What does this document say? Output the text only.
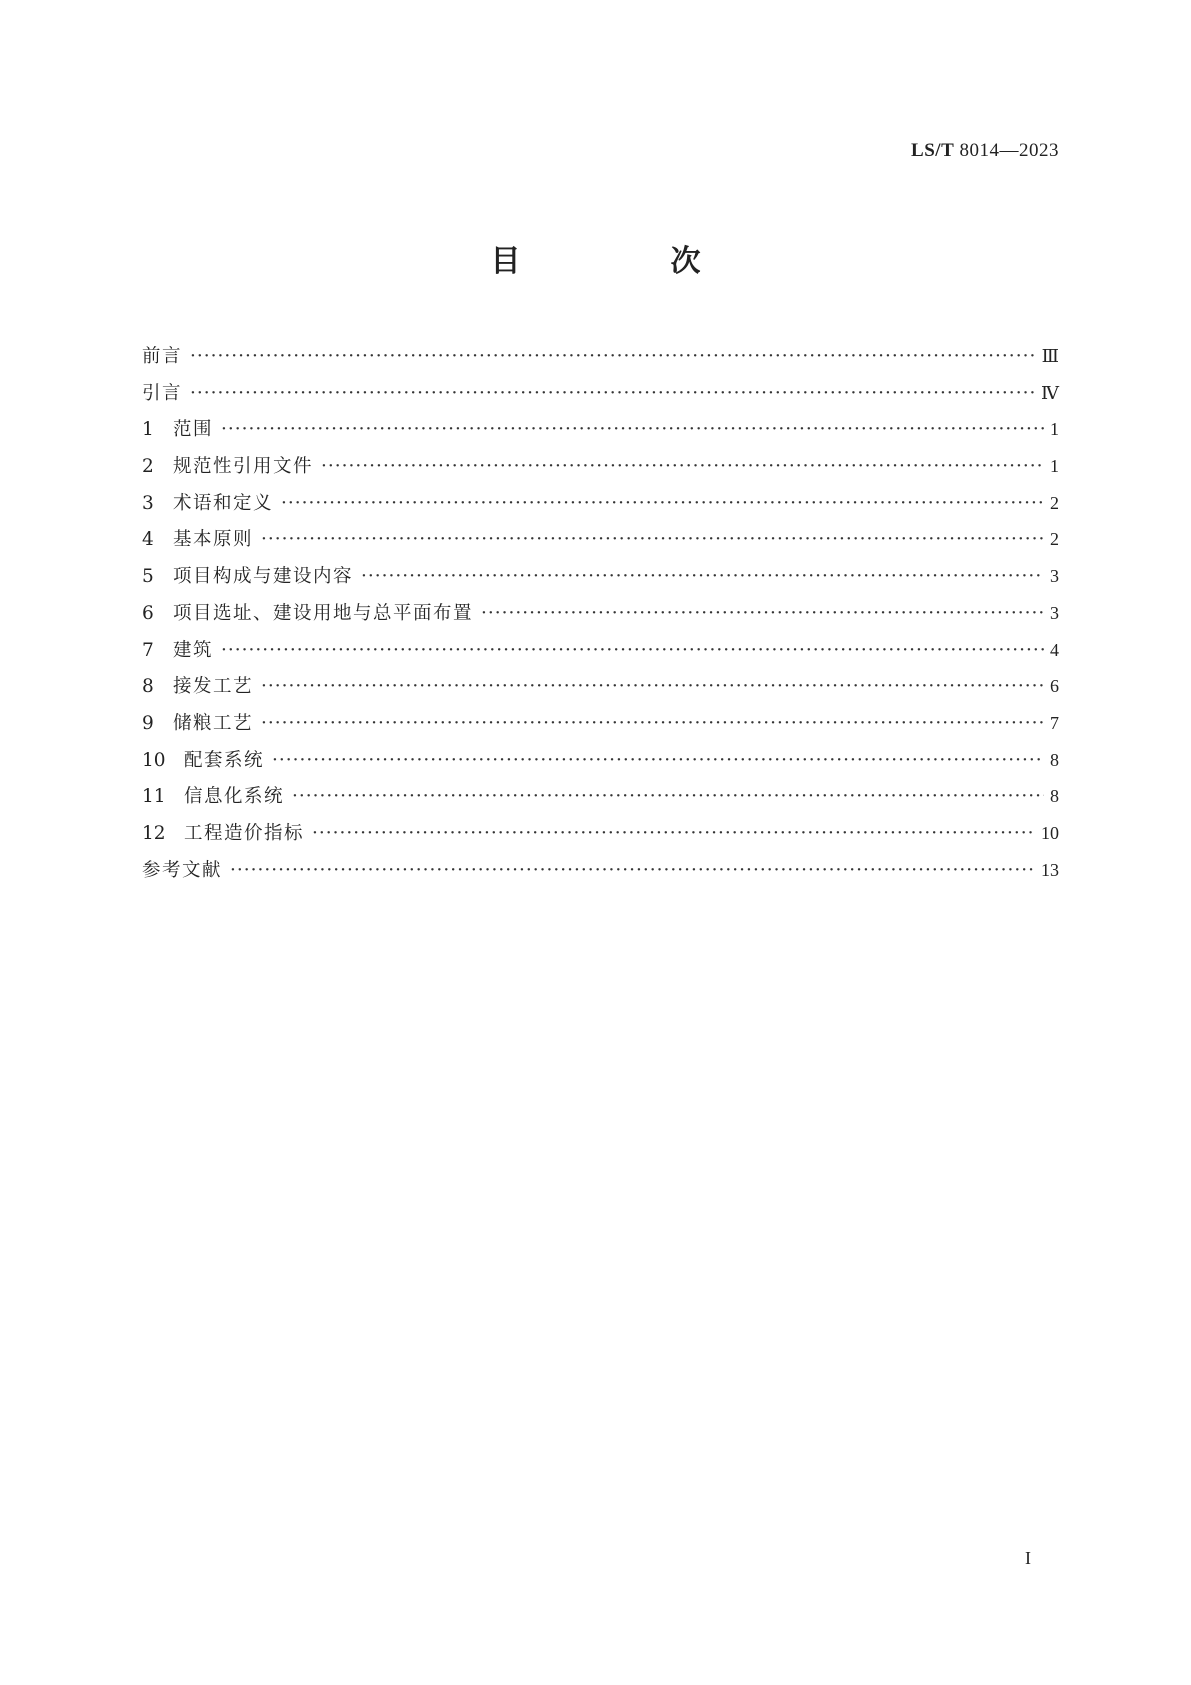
LS/T 8014—2023
目　次
前言 ·····	Ⅲ
引言 ·····	Ⅳ
1	范围 ·····	1
2	规范性引用文件 ·····	1
3	术语和定义 ·····	2
4	基本原则 ·····	2
5	项目构成与建设内容 ·····	3
6	项目选址、建设用地与总平面布置 ·····	3
7	建筑 ·····	4
8	接发工艺 ·····	6
9	储粮工艺 ·····	7
10 配套系统 ·····	8
11 信息化系统 ·····	8
12 工程造价指标 ·····	10
参考文献 ·····	13
I
